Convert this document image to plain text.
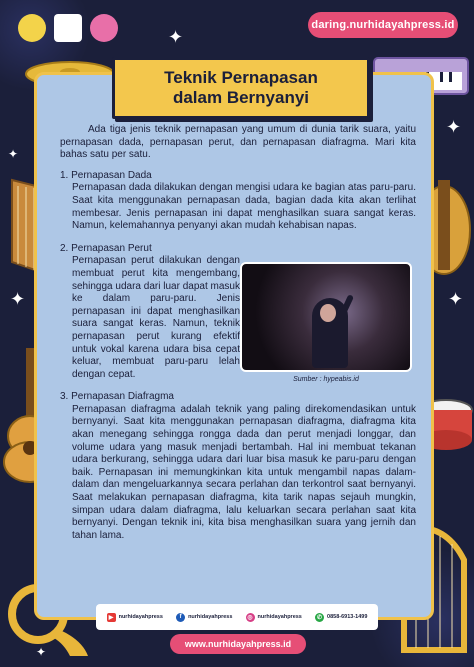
daring.nurhidayahpress.id
✦
✦
✦	✦
✦
✦
Teknik Pernapasan
dalam Bernyanyi

Ada tiga jenis teknik pernapasan yang umum di dunia tarik suara, yaitu pernapasan dada, pernapasan perut, dan pernapasan diafragma. Mari kita bahas satu per satu.

1. Pernapasan Dada

Pernapasan dada dilakukan dengan mengisi udara ke bagian atas paru-paru. Saat kita menggunakan pernapasan dada, bagian dada kita akan terlihat membesar. Jenis pernapasan ini dapat menghasilkan suara sangat keras. Namun, kelemahannya penyanyi akan mudah kehabisan napas.

2. Pernapasan Perut

Pernapasan perut dilakukan dengan membuat perut kita mengembang, sehingga udara dari luar dapat masuk ke dalam paru-paru. Jenis pernapasan ini dapat menghasilkan suara sangat keras. Namun, teknik pernapasan perut kurang efektif untuk vokal karena udara bisa cepat keluar, membuat paru-paru lelah dengan cepat.

3. Pernapasan Diafragma

Pernapasan diafragma adalah teknik yang paling direkomendasikan untuk bernyanyi. Saat kita menggunakan pernapasan diafragma, diafragma kita akan menegang sehingga rongga dada dan perut menjadi longgar, dan volume udara yang masuk menjadi bertambah. Hal ini membuat tekanan udara berkurang, sehingga udara dari luar bisa masuk ke paru-paru dengan baik. Pernapasan ini memungkinkan kita untuk mengambil napas dalam-dalam dan mengeluarkannya secara perlahan dan terkontrol saat bernyanyi. Saat melakukan pernapasan diafragma, kita tarik napas sejauh mungkin, simpan udara dalam diafragma, lalu keluarkan secara perlahan saat kita bernyanyi. Dengan teknik ini, kita bisa menghasilkan suara yang jernih dan tahan lama.

Sumber : hypeabis.id
▶ nurhidayahpress	f	nurhidayahpress	◎ nurhidayahpress	✆ 0858-6913-1499
www.nurhidayahpress.id
